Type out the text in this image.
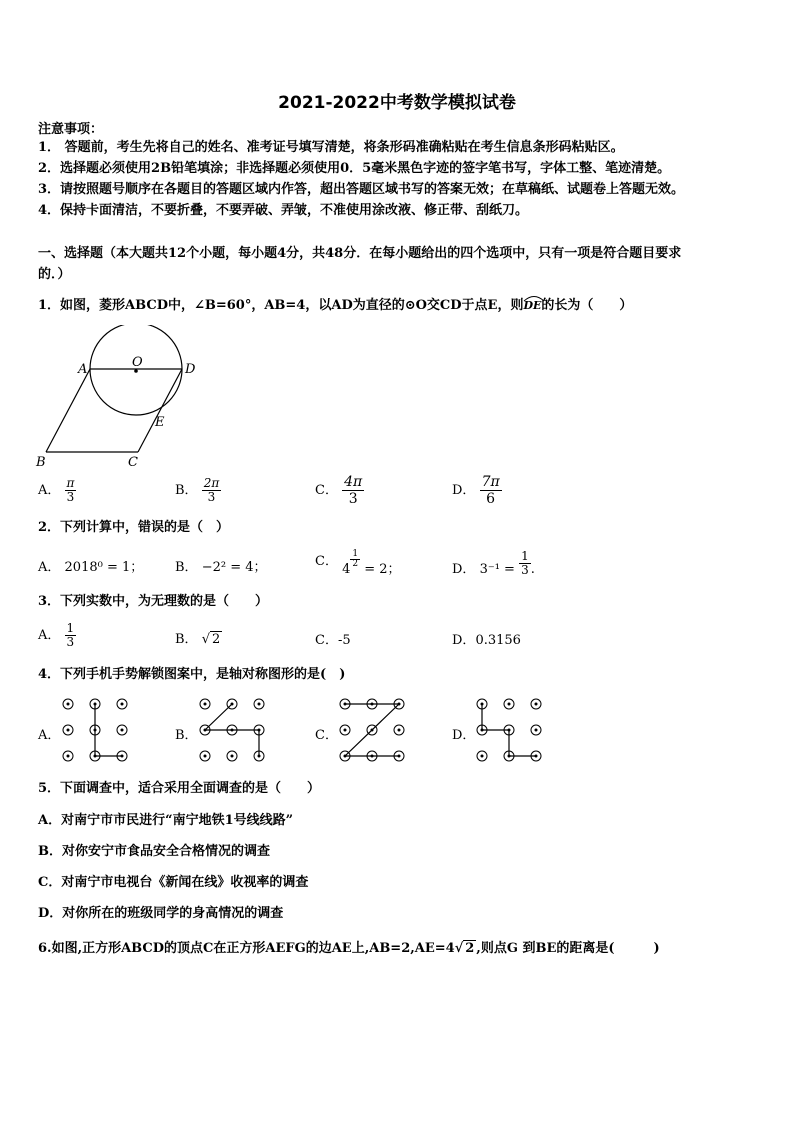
2021-2022中考数学模拟试卷
注意事项：
1． 答题前，考生先将自己的姓名、准考证号填写清楚，将条形码准确粘贴在考生信息条形码粘贴区。
2．选择题必须使用2B铅笔填涂；非选择题必须使用0．5毫米黑色字迹的签字笔书写，字体工整、笔迹清楚。
3．请按照题号顺序在各题目的答题区域内作答，超出答题区域书写的答案无效；在草稿纸、试题卷上答题无效。
4．保持卡面清洁，不要折叠，不要弄破、弄皱，不准使用涂改液、修正带、刮纸刀。
一、选择题（本大题共12个小题，每小题4分，共48分．在每小题给出的四个选项中，只有一项是符合题目要求
的．）
1．如图，菱形ABCD中，∠B=60°，AB=4，以AD为直径的⊙O交CD于点E，则
DE的长为（　　）
O
A	D
E
B	C
A． $\frac{\pi}{3}$	B． $\frac{2\pi}{3}$	C． $\frac{4\pi}{3}$	D． $\frac{7\pi}{6}$
2．下列计算中，错误的是（　）
A． 2018⁰ = 1； B． −2² = 4；	C． 4
$\frac{1}{2}$
= 2；	D． $3^{-1} = \frac{1}{3}$ .
3．下列实数中，为无理数的是（　　）
A． $\frac{1}{3}$	B． √ 2	C．-5	D．0.3156
4．下列手机手势解锁图案中，是轴对称图形的是(　)
A．	B．	C．	D．
5．下面调查中，适合采用全面调查的是（　　）
A．对南宁市市民进行“南宁地铁1号线线路”
B．对你安宁市食品安全合格情况的调查
C．对南宁市电视台《新闻在线》收视率的调查
D．对你所在的班级同学的身高情况的调查
6.如图,正方形ABCD的顶点C在正方形AEFG的边AE上,AB=2,AE=4√ 2 ,则点G 到BE的距离是(　　　)
